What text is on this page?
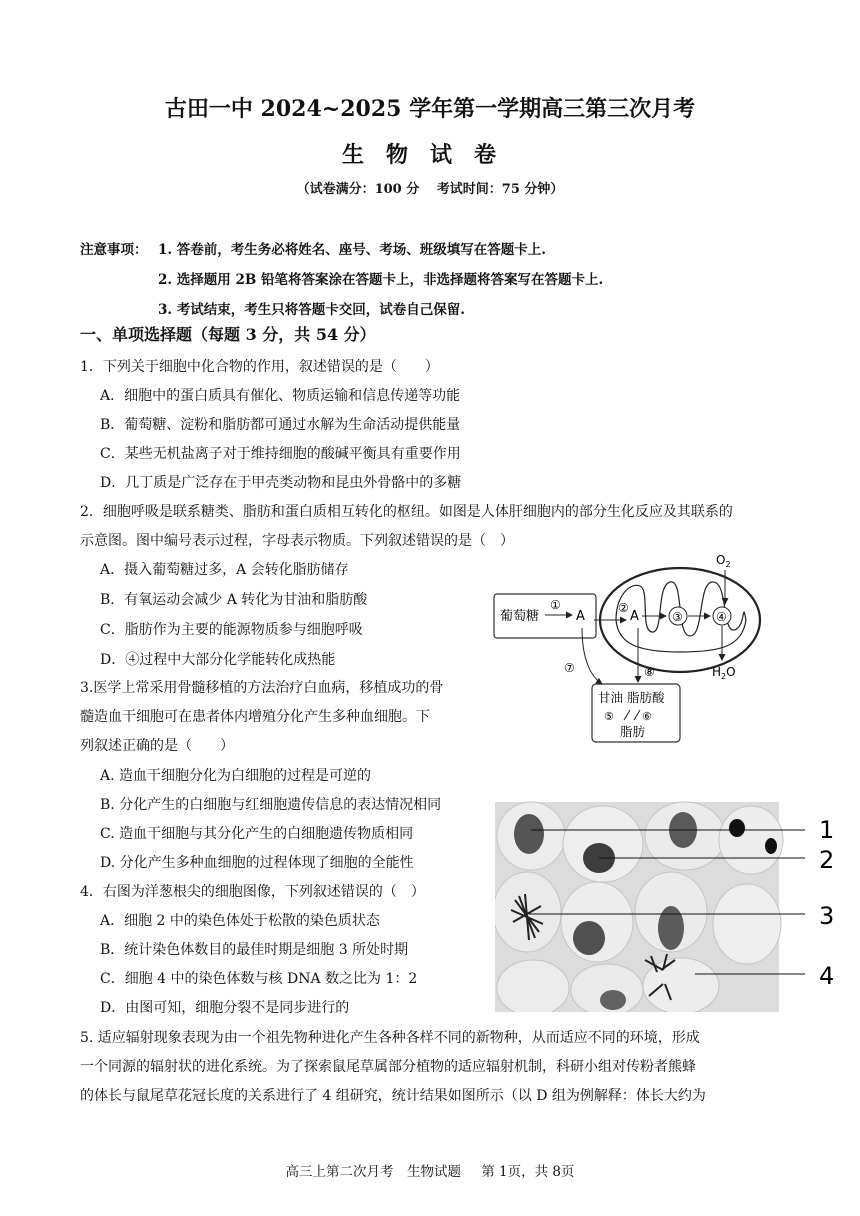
古田一中 2024~2025 学年第一学期高三第三次月考
生物试卷
（试卷满分：100 分　 考试时间：75 分钟）
注意事项： 1. 答卷前，考生务必将姓名、座号、考场、班级填写在答题卡上.
2. 选择题用 2B 铅笔将答案涂在答题卡上，非选择题将答案写在答题卡上.
3. 考试结束，考生只将答题卡交回，试卷自己保留.
一、单项选择题（每题 3 分，共 54 分）
1．下列关于细胞中化合物的作用，叙述错误的是（　　）
A．细胞中的蛋白质具有催化、物质运输和信息传递等功能
B．葡萄糖、淀粉和脂肪都可通过水解为生命活动提供能量
C．某些无机盐离子对于维持细胞的酸碱平衡具有重要作用
D．几丁质是广泛存在于甲壳类动物和昆虫外骨骼中的多糖
2．细胞呼吸是联系糖类、脂肪和蛋白质相互转化的枢纽。如图是人体肝细胞内的部分生化反应及其联系的
示意图。图中编号表示过程，字母表示物质。下列叙述错误的是（　）
A．摄入葡萄糖过多，A 会转化脂肪储存
B．有氧运动会减少 A 转化为甘油和脂肪酸
C．脂肪作为主要的能源物质参与细胞呼吸
D．④过程中大部分化学能转化成热能
葡萄糖
①
A
②
A	③	④
$O_2$
$H_2O$
甘油 脂肪酸
⑤	⑥
脂肪
⑦	⑧
3.医学上常采用骨髓移植的方法治疗白血病，移植成功的骨
髓造血干细胞可在患者体内增殖分化产生多种血细胞。下
列叙述正确的是（　　）
A. 造血干细胞分化为白细胞的过程是可逆的
B. 分化产生的白细胞与红细胞遗传信息的表达情况相同
C. 造血干细胞与其分化产生的白细胞遗传物质相同
D. 分化产生多种血细胞的过程体现了细胞的全能性
4．右图为洋葱根尖的细胞图像，下列叙述错误的（　）
A．细胞 2 中的染色体处于松散的染色质状态
B．统计染色体数目的最佳时期是细胞 3 所处时期
C．细胞 4 中的染色体数与核 DNA 数之比为 1：2
D．由图可知，细胞分裂不是同步进行的
1
2
3
4
5. 适应辐射现象表现为由一个祖先物种进化产生各种各样不同的新物种，从而适应不同的环境，形成
一个同源的辐射状的进化系统。为了探索鼠尾草属部分植物的适应辐射机制，科研小组对传粉者熊蜂
的体长与鼠尾草花冠长度的关系进行了 4 组研究，统计结果如图所示（以 D 组为例解释：体长大约为
高三上第二次月考　生物试题 第 1页，共 8页
